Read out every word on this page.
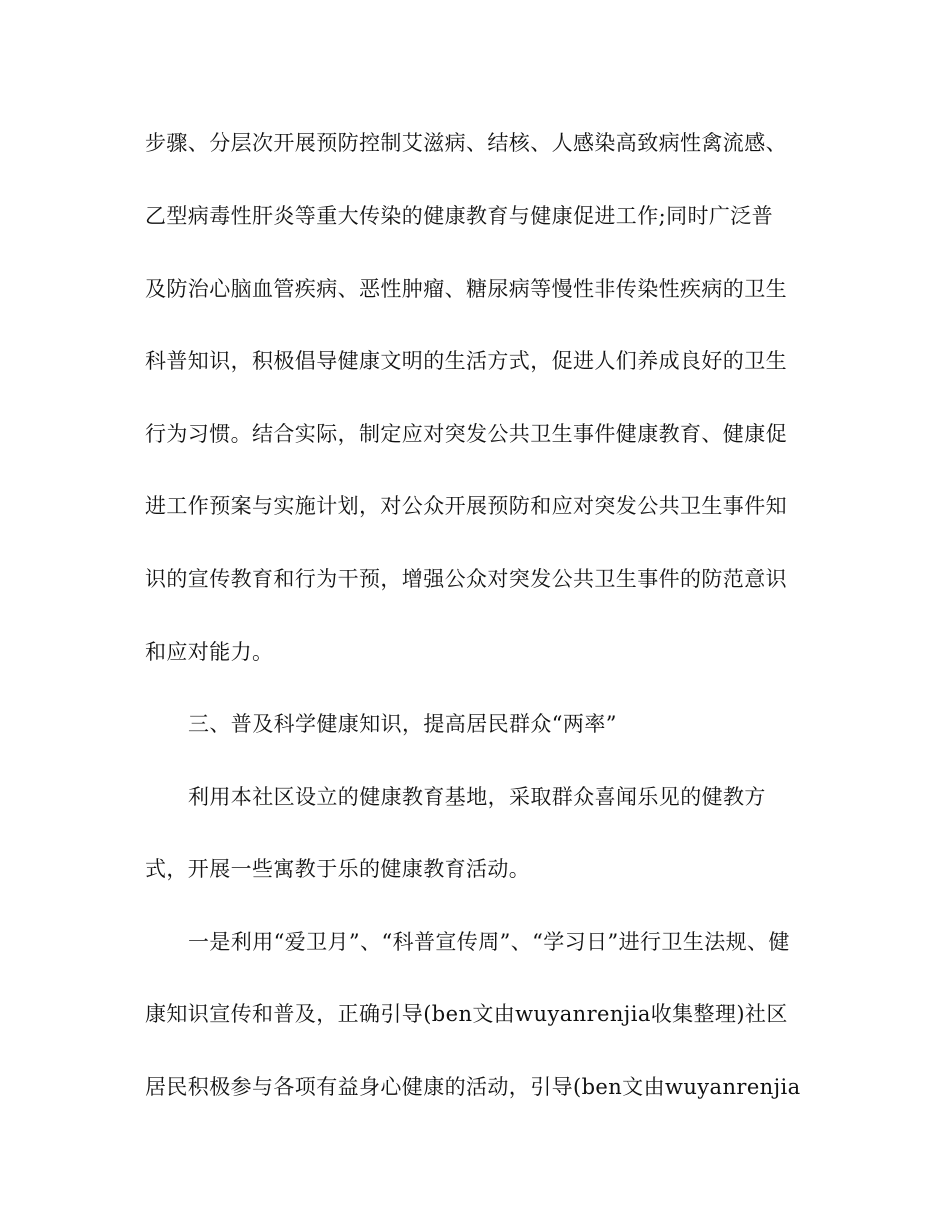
步骤、分层次开展预防控制艾滋病、结核、人感染高致病性禽流感、
乙型病毒性肝炎等重大传染的健康教育与健康促进工作;同时广泛普
及防治心脑血管疾病、恶性肿瘤、糖尿病等慢性非传染性疾病的卫生
科普知识，积极倡导健康文明的生活方式，促进人们养成良好的卫生
行为习惯。结合实际，制定应对突发公共卫生事件健康教育、健康促
进工作预案与实施计划，对公众开展预防和应对突发公共卫生事件知
识的宣传教育和行为干预，增强公众对突发公共卫生事件的防范意识
和应对能力。
三、普及科学健康知识，提高居民群众“两率”
利用本社区设立的健康教育基地，采取群众喜闻乐见的健教方
式，开展一些寓教于乐的健康教育活动。
一是利用“爱卫月”、“科普宣传周”、“学习日”进行卫生法规、健
康知识宣传和普及，正确引导(ben文由wuyanrenjia收集整理)社区
居民积极参与各项有益身心健康的活动，引导(ben文由wuyanrenjia
